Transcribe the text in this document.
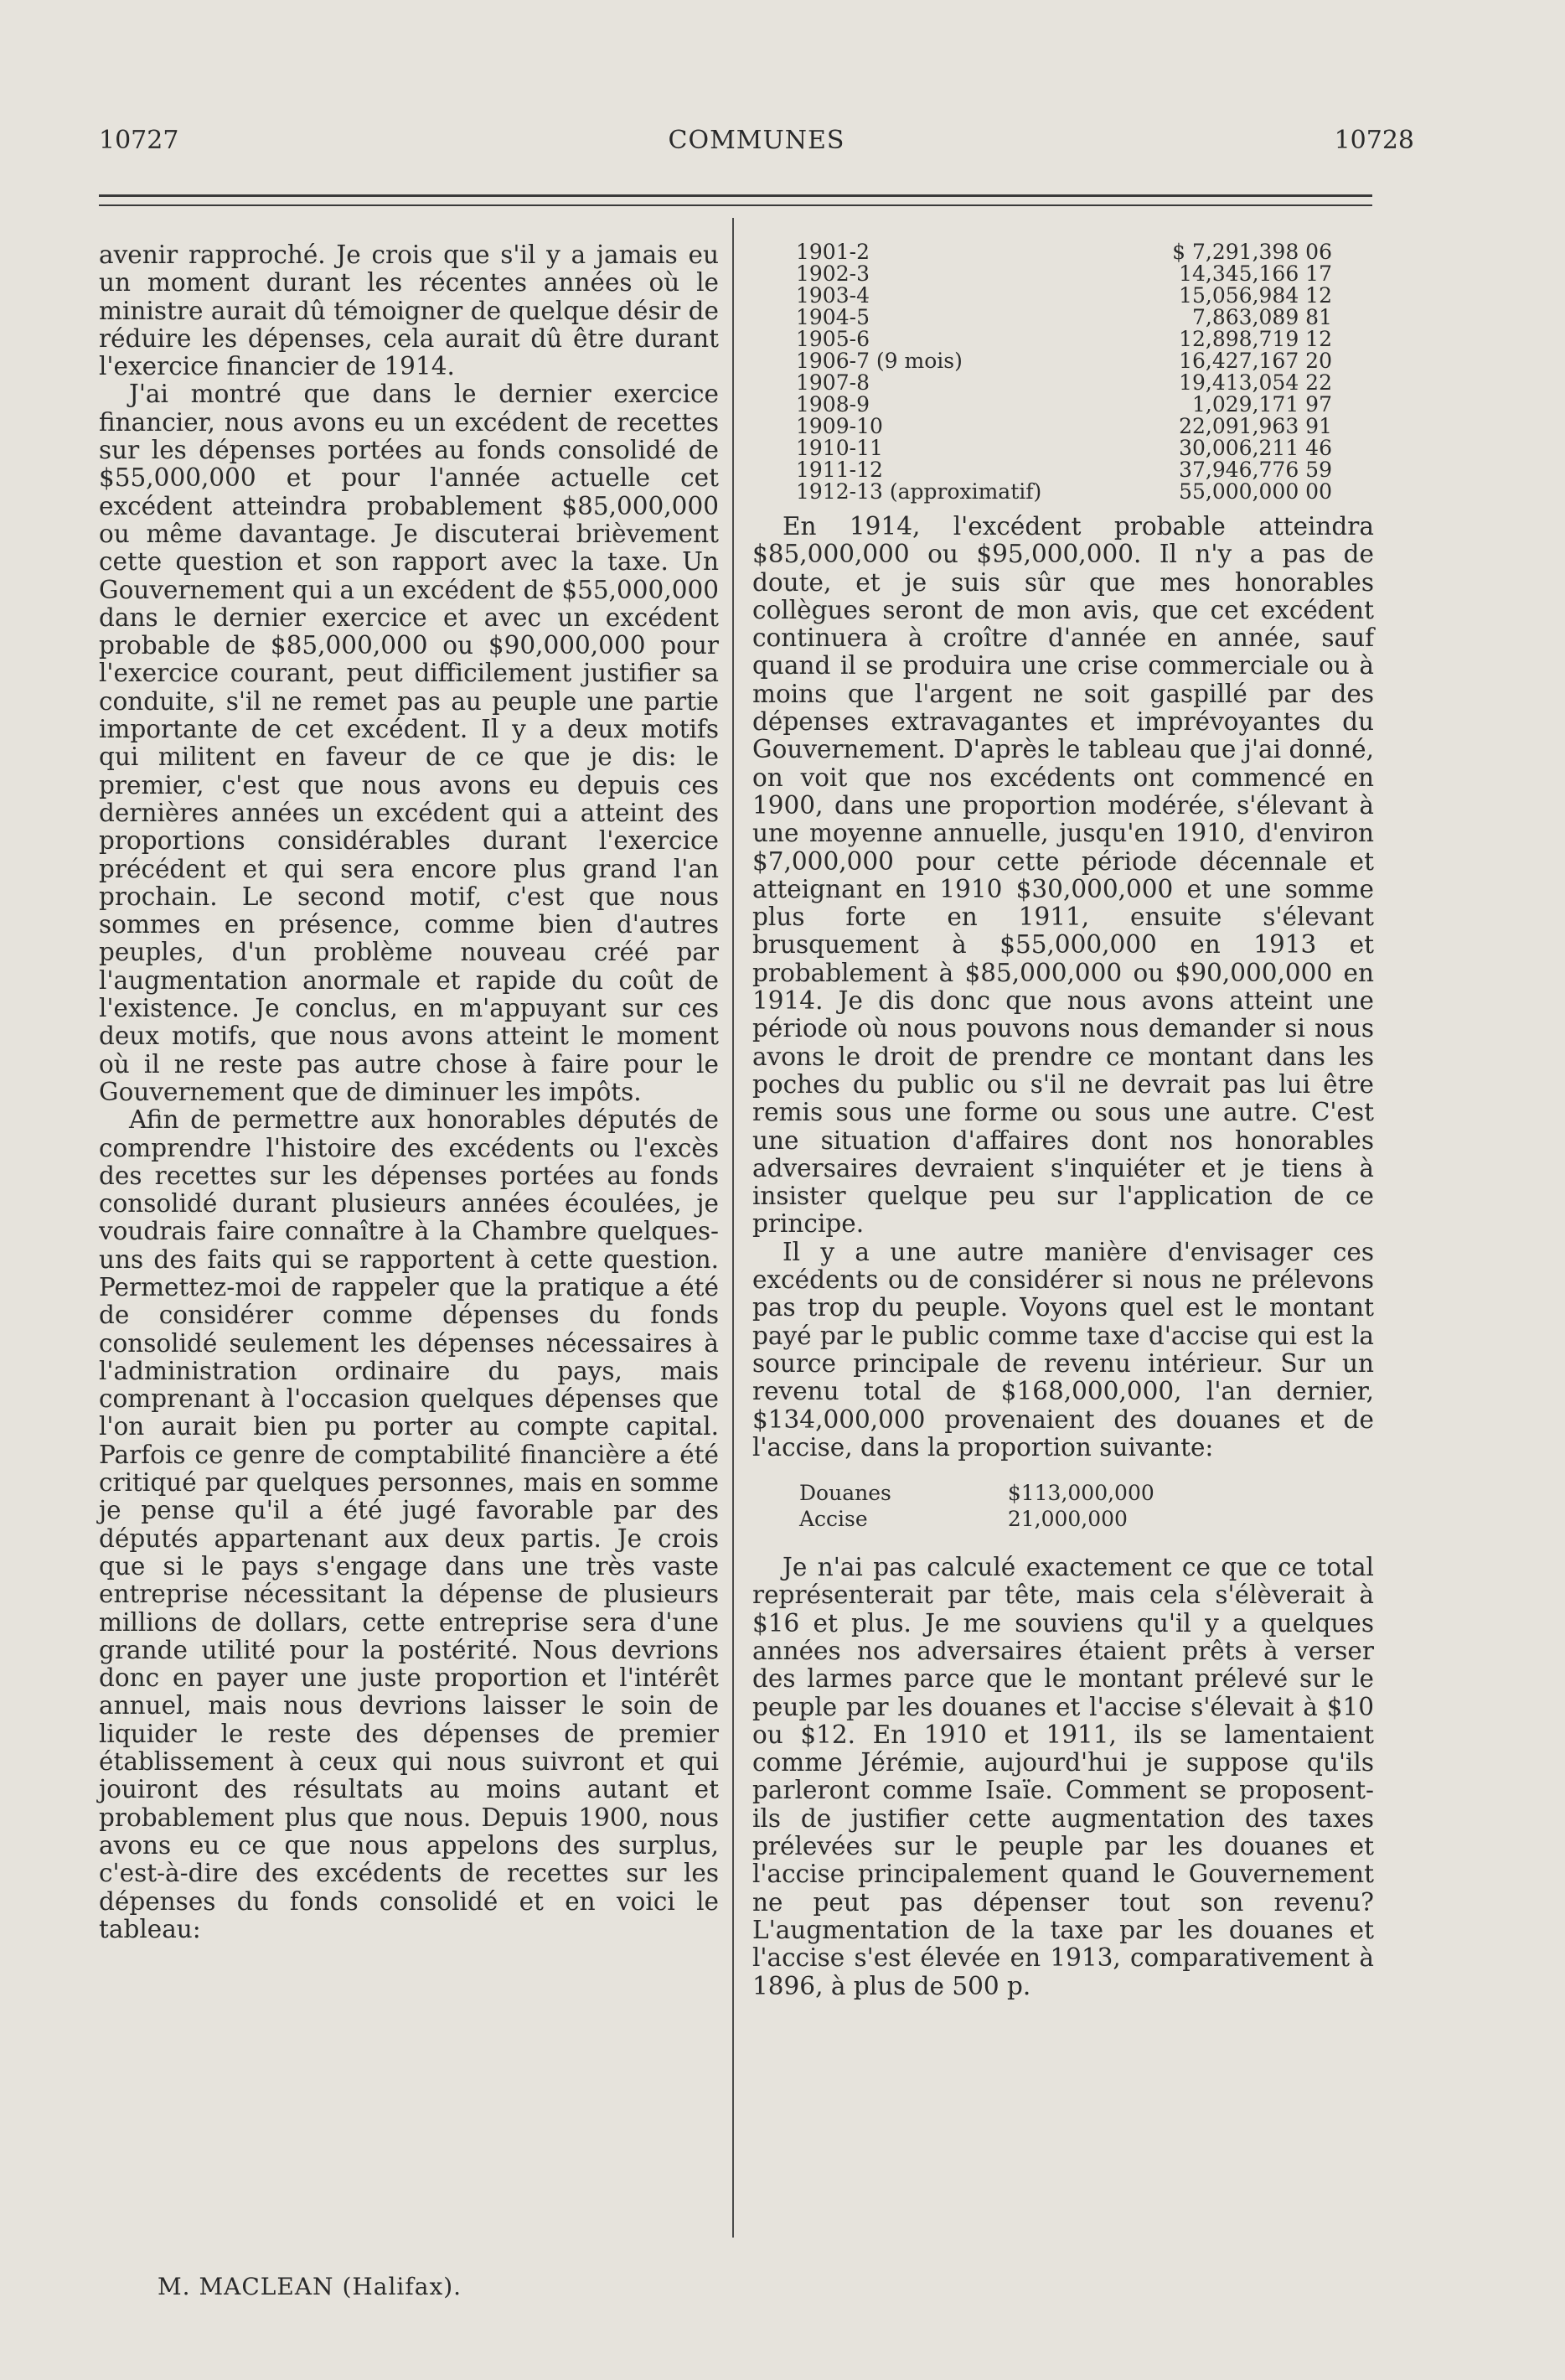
10727	COMMUNES	10728

avenir rapproché. Je crois que s'il y a jamais eu un moment durant les récentes années où le ministre aurait dû témoigner de quelque désir de réduire les dépenses, cela aurait dû être durant l'exercice financier de 1914.

J'ai montré que dans le dernier exercice financier, nous avons eu un excédent de recettes sur les dépenses portées au fonds consolidé de $55,000,000 et pour l'année actuelle cet excédent atteindra probablement $85,000,000 ou même davantage. Je discuterai brièvement cette question et son rapport avec la taxe. Un Gouvernement qui a un excédent de $55,000,000 dans le dernier exercice et avec un excédent probable de $85,000,000 ou $90,000,000 pour l'exercice courant, peut difficilement justifier sa conduite, s'il ne remet pas au peuple une partie importante de cet excédent. Il y a deux motifs qui militent en faveur de ce que je dis: le premier, c'est que nous avons eu depuis ces dernières années un excédent qui a atteint des proportions considérables durant l'exercice précédent et qui sera encore plus grand l'an prochain. Le second motif, c'est que nous sommes en présence, comme bien d'autres peuples, d'un problème nouveau créé par l'augmentation anormale et rapide du coût de l'existence. Je conclus, en m'appuyant sur ces deux motifs, que nous avons atteint le moment où il ne reste pas autre chose à faire pour le Gouvernement que de diminuer les impôts.

Afin de permettre aux honorables députés de comprendre l'histoire des excédents ou l'excès des recettes sur les dépenses portées au fonds consolidé durant plusieurs années écoulées, je voudrais faire connaître à la Chambre quelques-uns des faits qui se rapportent à cette question. Permettez-moi de rappeler que la pratique a été de considérer comme dépenses du fonds consolidé seulement les dépenses nécessaires à l'administration ordinaire du pays, mais comprenant à l'occasion quelques dépenses que l'on aurait bien pu porter au compte capital. Parfois ce genre de comptabilité financière a été critiqué par quelques personnes, mais en somme je pense qu'il a été jugé favorable par des députés appartenant aux deux partis. Je crois que si le pays s'engage dans une très vaste entreprise nécessitant la dépense de plusieurs millions de dollars, cette entreprise sera d'une grande utilité pour la postérité. Nous devrions donc en payer une juste proportion et l'intérêt annuel, mais nous devrions laisser le soin de liquider le reste des dépenses de premier établissement à ceux qui nous suivront et qui jouiront des résultats au moins autant et probablement plus que nous. Depuis 1900, nous avons eu ce que nous appelons des surplus, c'est-à-dire des excédents de recettes sur les dépenses du fonds consolidé et en voici le tableau:

1901-2	$ 7,291,398 06
1902-3	14,345,166 17
1903-4	15,056,984 12
1904-5	7,863,089 81
1905-6	12,898,719 12
1906-7 (9 mois)	16,427,167 20
1907-8	19,413,054 22
1908-9	1,029,171 97
1909-10	22,091,963 91
1910-11	30,006,211 46
1911-12	37,946,776 59
1912-13 (approximatif)	55,000,000 00

En 1914, l'excédent probable atteindra $85,000,000 ou $95,000,000. Il n'y a pas de doute, et je suis sûr que mes honorables collègues seront de mon avis, que cet excédent continuera à croître d'année en année, sauf quand il se produira une crise commerciale ou à moins que l'argent ne soit gaspillé par des dépenses extravagantes et imprévoyantes du Gouvernement. D'après le tableau que j'ai donné, on voit que nos excédents ont commencé en 1900, dans une proportion modérée, s'élevant à une moyenne annuelle, jusqu'en 1910, d'environ $7,000,000 pour cette période décennale et atteignant en 1910 $30,000,000 et une somme plus forte en 1911, ensuite s'élevant brusquement à $55,000,000 en 1913 et probablement à $85,000,000 ou $90,000,000 en 1914. Je dis donc que nous avons atteint une période où nous pouvons nous demander si nous avons le droit de prendre ce montant dans les poches du public ou s'il ne devrait pas lui être remis sous une forme ou sous une autre. C'est une situation d'affaires dont nos honorables adversaires devraient s'inquiéter et je tiens à insister quelque peu sur l'application de ce principe.

Il y a une autre manière d'envisager ces excédents ou de considérer si nous ne prélevons pas trop du peuple. Voyons quel est le montant payé par le public comme taxe d'accise qui est la source principale de revenu intérieur. Sur un revenu total de $168,000,000, l'an dernier, $134,000,000 provenaient des douanes et de l'accise, dans la proportion suivante:

Douanes	$113,000,000
Accise	21,000,000

Je n'ai pas calculé exactement ce que ce total représenterait par tête, mais cela s'élèverait à $16 et plus. Je me souviens qu'il y a quelques années nos adversaires étaient prêts à verser des larmes parce que le montant prélevé sur le peuple par les douanes et l'accise s'élevait à $10 ou $12. En 1910 et 1911, ils se lamentaient comme Jérémie, aujourd'hui je suppose qu'ils parleront comme Isaïe. Comment se proposent-ils de justifier cette augmentation des taxes prélevées sur le peuple par les douanes et l'accise principalement quand le Gouvernement ne peut pas dépenser tout son revenu? L'augmentation de la taxe par les douanes et l'accise s'est élevée en 1913, comparativement à 1896, à plus de 500 p.

M. MACLEAN (Halifax).
